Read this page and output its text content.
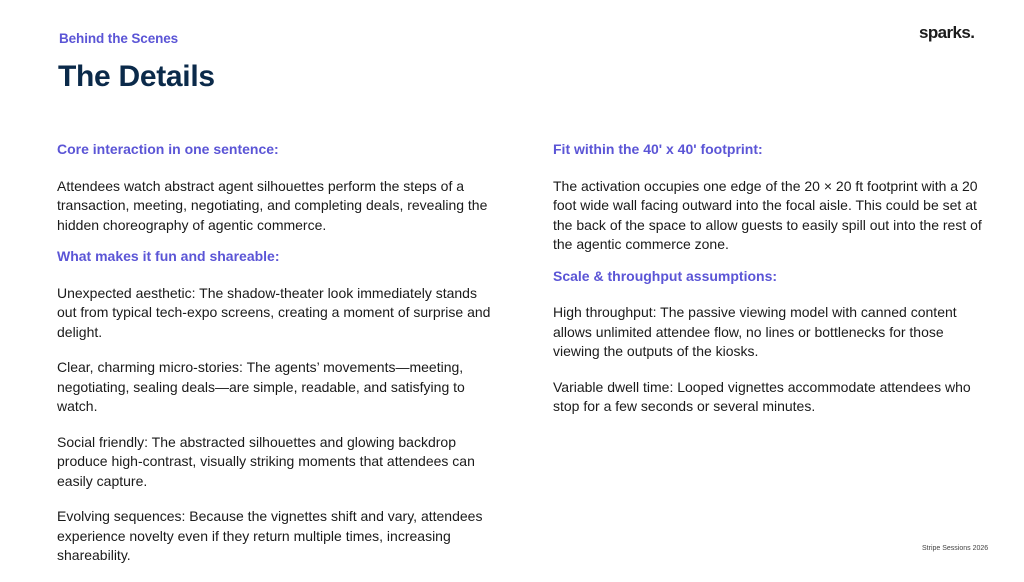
Behind the Scenes
The Details
sparks.

Core interaction in one sentence:

Attendees watch abstract agent silhouettes perform the steps of a transaction, meeting, negotiating, and completing deals, revealing the hidden choreography of agentic commerce.

What makes it fun and shareable:

Unexpected aesthetic: The shadow-theater look immediately stands out from typical tech-expo screens, creating a moment of surprise and delight.

Clear, charming micro-stories: The agents’ movements—meeting, negotiating, sealing deals—are simple, readable, and satisfying to watch.

Social friendly: The abstracted silhouettes and glowing backdrop produce high-contrast, visually striking moments that attendees can easily capture.

Evolving sequences: Because the vignettes shift and vary, attendees experience novelty even if they return multiple times, increasing shareability.

Fit within the 40' x 40' footprint:

The activation occupies one edge of the 20 × 20 ft footprint with a 20 foot wide wall facing outward into the focal aisle. This could be set at the back of the space to allow guests to easily spill out into the rest of the agentic commerce zone.

Scale & throughput assumptions:

High throughput: The passive viewing model with canned content allows unlimited attendee flow, no lines or bottlenecks for those viewing the outputs of the kiosks.

Variable dwell time: Looped vignettes accommodate attendees who stop for a few seconds or several minutes.

Stripe Sessions 2026
